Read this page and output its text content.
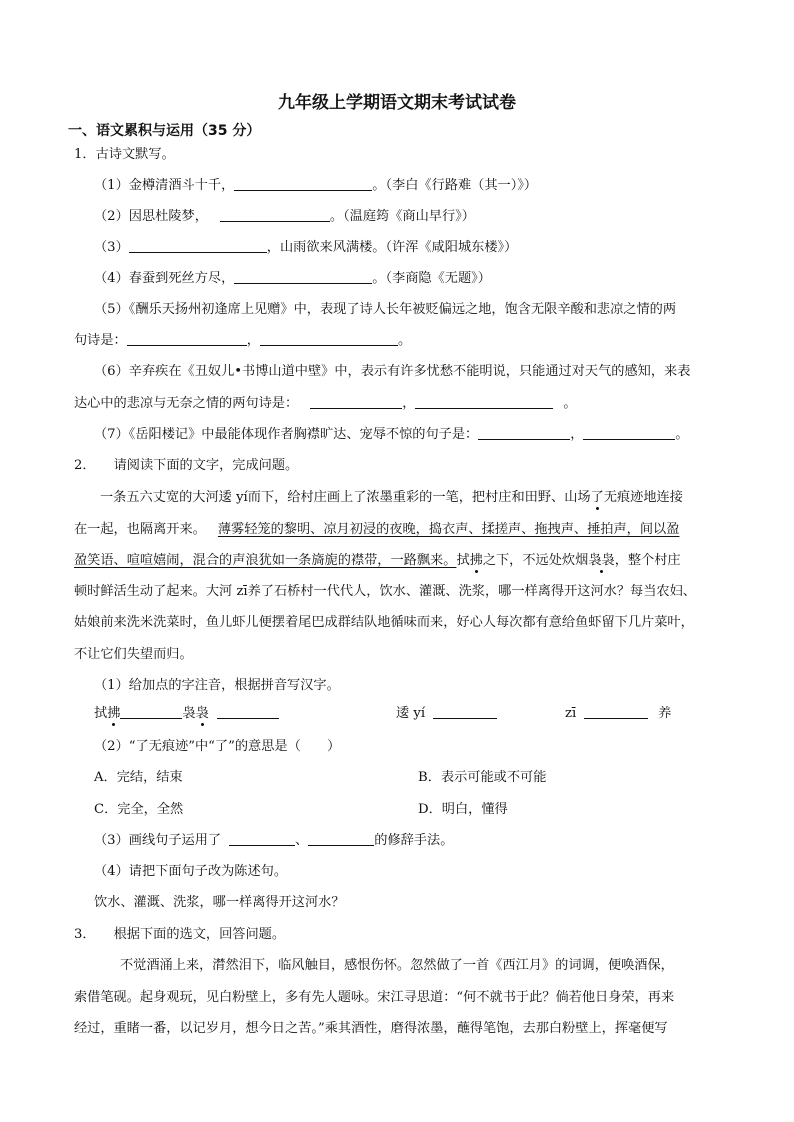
九年级上学期语文期末考试试卷
一、语文累积与运用（35 分）
1．古诗文默写。
（1）金樽清酒斗十千，	。（李白《行路难（其一）》）
（2）因思杜陵梦，	。（温庭筠《商山早行》）
（3）	，山雨欲来风满楼。（许浑《咸阳城东楼》）
（4）春蚕到死丝方尽，	。（李商隐《无题》）
（5）《酬乐天扬州初逢席上见赠》中，表现了诗人长年被贬偏远之地，饱含无限辛酸和悲凉之情的两
句诗是：	，	。
（6）辛弃疾在《丑奴儿•书博山道中壁》中，表示有许多忧愁不能明说，只能通过对天气的感知，来表
达心中的悲凉与无奈之情的两句诗是：	，	。
（7）《岳阳楼记》中最能体现作者胸襟旷达、宠辱不惊的句子是：	，	。
2． 请阅读下面的文字，完成问题。
一条五六丈宽的大河逶 yí而下，给村庄画上了浓墨重彩的一笔，把村庄和田野、山场了无痕迹地连接
在一起，也隔离开来。 薄雾轻笼的黎明、凉月初浸的夜晚，捣衣声、揉搓声、拖拽声、捶拍声，间以盈
盈笑语、喧喧嬉闹，混合的声浪犹如一条旖旎的襟带，一路飘来。拭拂之下，不远处炊烟袅袅，整个村庄
顿时鲜活生动了起来。大河 zī养了石桥村一代代人，饮水、灌溉、洗浆，哪一样离得开这河水？每当农妇、
姑娘前来洗米洗菜时，鱼儿虾儿便摆着尾巴成群结队地循味而来，好心人每次都有意给鱼虾留下几片菜叶，
不让它们失望而归。
（1）给加点的字注音，根据拼音写汉字。
拭拂	袅袅	逶 yí	zī	养
（2）“了无痕迹”中“了”的意思是（　　）
A．完结，结束	B．表示可能或不可能
C．完全，全然	D．明白，懂得
（3）画线句子运用了	、	的修辞手法。
（4）请把下面句子改为陈述句。
饮水、灌溉、洗浆，哪一样离得开这河水？
3． 根据下面的选文，回答问题。
不觉酒涌上来，潸然泪下，临风触目，感恨伤怀。忽然做了一首《西江月》的词调，便唤酒保，
索借笔砚。起身观玩，见白粉壁上，多有先人题咏。宋江寻思道：“何不就书于此？倘若他日身荣，再来
经过，重睹一番，以记岁月，想今日之苦。”乘其酒性，磨得浓墨，蘸得笔饱，去那白粉壁上，挥毫便写
